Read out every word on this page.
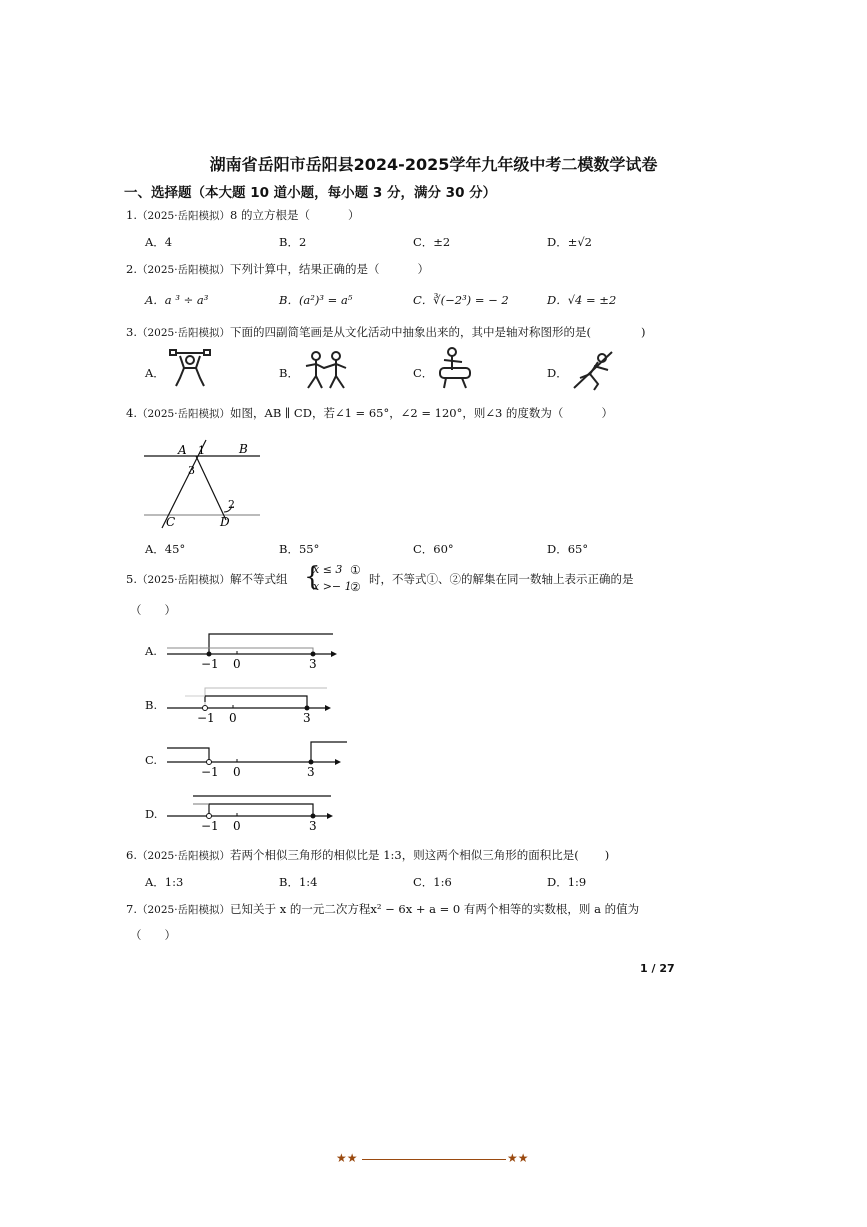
湖南省岳阳市岳阳县2024-2025学年九年级中考二模数学试卷
一、选择题（本大题 10 道小题，每小题 3 分，满分 30 分）
1.（2025·岳阳模拟）8 的立方根是（	）
A．4	B．2	C．±2	D．±√2
2.（2025·岳阳模拟）下列计算中，结果正确的是（	）
A．a ³ ÷ a³	B．(a²)³ = a⁵	C．∛(−2³) = − 2	D．√4 = ±2
3.（2025·岳阳模拟）下面的四副简笔画是从文化活动中抽象出来的，其中是轴对称图形的是(	)
A．	B．	C．	D．
4.（2025·岳阳模拟）如图，AB ∥ CD，若∠1 = 65°，∠2 = 120°，则∠3 的度数为（	）
A 1	B
3
2
C	D
A．45°	B．55°	C．60°	D．65°
5.（2025·岳阳模拟）解不等式组 {
x ≤ 3
x >− 1
①
②
时，不等式①、②的解集在同一数轴上表示正确的是
（　　）
A.
−1 0	3
B.
−1 0	3
C.
−1 0	3
D.
−1 0	3
6.（2025·岳阳模拟）若两个相似三角形的相似比是 1:3，则这两个相似三角形的面积比是( )
A．1:3	B．1:4	C．1:6	D．1:9
7.（2025·岳阳模拟）已知关于 x 的一元二次方程x² − 6x + a = 0 有两个相等的实数根，则 a 的值为
（　　）
1 / 27
★★	★★
